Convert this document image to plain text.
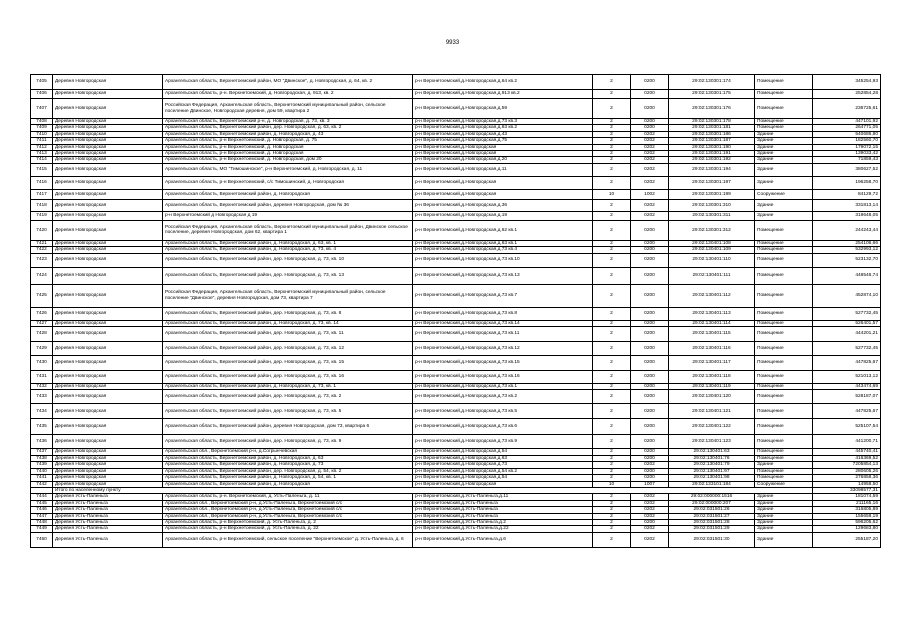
9933
7405	Деревня Новгородская	Архангельская область, Верхнетоемский район, МО "Двинское", д. Новгородская, д. 64, кв. 2	р-н Верхнетоемский,д.Новгородская,д.64 кв.2	2	0200	29:02:130301:174	Помещение	345254,93
7406	Деревня Новгородская	Архангельская область, р-н. Верхнетоемский, д. Новгородская, д. 913, кв. 2	р-н Верхнетоемский,д.Новгородская,д.913 кв.2	2	0200	29:02:130301:175	Помещение	252854,28
7407	Деревня Новгородская	Российская Федерация, Архангельская область, Верхнетоемский муниципальный район, сельское поселение Двинское, Новгородская деревня, дом 59, квартира 2	р-н Верхнетоемский,д.Новгородская,д.59	2	0200	29:02:130301:176	Помещение	236725,61
7408	Деревня Новгородская	Архангельская область, Верхнетоемский р-н, д. Новгородская, д. 73, кв. 3	р-н Верхнетоемский,д.Новгородская,д.73 кв.3	2	0200	29:02:130301:178	Помещение	447101,92
7409	Деревня Новгородская	Архангельская область, Верхнетоемский район, дер. Новгородская, д. 63, кв. 2	р-н Верхнетоемский,д.Новгородская,д.63 кв.2	2	0200	29:02:130301:181	Помещение	264771,05
7410	Деревня Новгородская	Архангельская область, Верхнетоемский район, д. Новгородская, д. 43	р-н Верхнетоемский,д.Новгородская,д.43	2	0202	29:02:130301:186	Здание	540686,80
7411	Деревня Новгородская	Архангельская область, р-н Верхнетоемский, д. Новгородская, д. 75	р-н Верхнетоемский,д.Новгородская,д.75	2	0202	29:02:130301:187	Здание	182560,70
7412	Деревня Новгородская	Архангельская область, р-н Верхнетоемский, д. Новгородская	р-н Верхнетоемский,д.Новгородская	2	0202	29:02:130301:190	Здание	179072,15
7413	Деревня Новгородская	Архангельская область, р-н Верхнетоемский, д. Новгородская	р-н Верхнетоемский,д.Новгородская	2	0202	29:02:130301:191	Здание	139033,42
7414	Деревня Новгородская	Архангельская область, р-н Верхнетоемский, д. Новгородская, дом 20	р-н Верхнетоемский,д.Новгородская,д.20	2	0202	29:02:130301:192	Здание	71859,43
7415	Деревня Новгородская	Архангельская область, МО "Тимошинское", р-н Верхнетоемский, д. Новгородская, д. 11	р-н Верхнетоемский,д.Новгородская,д.11	2	0202	29:02:130301:194	Здание	380627,52
7416	Деревня Новгородская	Архангельская область, р-н Верхнетоемский, с/с Тимошинский, д. Новгородская	р-н Верхнетоемский,д.Новгородская	2	0202	29:02:130301:197	Здание	196258,70
7417	Деревня Новгородская	Архангельская область, Верхнетоемский район, д. Новгородская	р-н Верхнетоемский,д.Новгородская	10	1002	29:02:130301:199	Сооружение	84129,72
7418	Деревня Новгородская	Архангельская область, Верхнетоемский район, деревня Новгородская, дом № 36	р-н Верхнетоемский,д.Новгородская,д.36	2	0202	29:02:130301:310	Здание	331813,14
7419	Деревня Новгородская	р-н Верхнетоемский д Новгородская д 19	р-н Верхнетоемский,д.Новгородская,д.19	2	0202	29:02:130301:311	Здание	319648,05
7420	Деревня Новгородская	Российская Федерация, Архангельская область, Верхнетоемский муниципальный район, Двинское сельское поселение, деревня Новгородская, дом 62, квартира 1	р-н Верхнетоемский,д.Новгородская,д.62 кв.1	2	0200	29:02:130301:312	Помещение	244243,44
7421	Деревня Новгородская	Архангельская область, Верхнетоемский район, д. Новгородская, д. 63, кв. 1	р-н Верхнетоемский,д.Новгородская,д.63 кв.1	2	0200	29:02:130401:108	Помещение	254106,66
7422	Деревня Новгородская	Архангельская область, Верхнетоемский район, д. Новгородская, д. 73, кв. 4	р-н Верхнетоемский,д.Новгородская,д.73 кв.4	2	0200	29:02:130401:109	Помещение	532993,12
7423	Деревня Новгородская	Архангельская область, Верхнетоемский район, дер. Новгородская, д. 73, кв. 10	р-н Верхнетоемский,д.Новгородская,д.73 кв.10	2	0200	29:02:130401:110	Помещение	523132,70
7424	Деревня Новгородская	Архангельская область, Верхнетоемский район, дер. Новгородская, д. 73, кв. 13	р-н Верхнетоемский,д.Новгородская,д.73 кв.13	2	0200	29:02:130401:111	Помещение	448546,74
7425	Деревня Новгородская	Российская Федерация, Архангельская область, Верхнетоемский муниципальный район, сельское поселение "Двинское", деревня Новгородская, дом 73, квартира 7	р-н Верхнетоемский,д.Новгородская,д.73 кв.7	2	0200	29:02:130401:112	Помещение	452874,10
7426	Деревня Новгородская	Архангельская область, Верхнетоемский район, дер. Новгородская, д. 73, кв. 8	р-н Верхнетоемский,д.Новгородская,д.73 кв.8	2	0200	29:02:130401:113	Помещение	527732,45
7427	Деревня Новгородская	Архангельская область, Верхнетоемский район, д. Новгородская, д. 73, кв. 14	р-н Верхнетоемский,д.Новгородская,д.73 кв.14	2	0200	29:02:130401:114	Помещение	526401,57
7428	Деревня Новгородская	Архангельская область, Верхнетоемский район, дер. Новгородская, д. 73, кв. 11	р-н Верхнетоемский,д.Новгородская,д.73 кв.11	2	0200	29:02:130401:115	Помещение	444201,21
7429	Деревня Новгородская	Архангельская область, Верхнетоемский район, дер. Новгородская, д. 73, кв. 12	р-н Верхнетоемский,д.Новгородская,д.73 кв.12	2	0200	29:02:130401:116	Помещение	527732,45
7430	Деревня Новгородская	Архангельская область, Верхнетоемский район, дер. Новгородская, д. 73, кв. 15	р-н Верхнетоемский,д.Новгородская,д.73 кв.15	2	0200	29:02:130401:117	Помещение	447825,67
7431	Деревня Новгородская	Архангельская область, Верхнетоемский район, дер. Новгородская, д. 73, кв. 16	р-н Верхнетоемский,д.Новгородская,д.73 кв.16	2	0200	29:02:130401:118	Помещение	521013,12
7432	Деревня Новгородская	Архангельская область, Верхнетоемский район, д. Новгородская, д. 73, кв. 1	р-н Верхнетоемский,д.Новгородская,д.73 кв.1	2	0200	29:02:130401:119	Помещение	443474,69
7433	Деревня Новгородская	Архангельская область, Верхнетоемский район, дер. Новгородская, д. 73, кв. 2	р-н Верхнетоемский,д.Новгородская,д.73 кв.2	2	0200	29:02:130401:120	Помещение	528187,07
7434	Деревня Новгородская	Архангельская область, Верхнетоемский район, дер. Новгородская, д. 73, кв. 5	р-н Верхнетоемский,д.Новгородская,д.73 кв.5	2	0200	29:02:130401:121	Помещение	447825,67
7435	Деревня Новгородская	Архангельская область, Верхнетоемский район, деревня Новгородская, дом 73, квартира 6	р-н Верхнетоемский,д.Новгородская,д.73 кв.6	2	0200	29:02:130401:122	Помещение	525107,54
7436	Деревня Новгородская	Архангельская область, Верхнетоемский район, дер. Новгородская, д. 73, кв. 9	р-н Верхнетоемский,д.Новгородская,д.73 кв.9	2	0200	29:02:130401:123	Помещение	441200,71
7437	Деревня Новгородская	Архангельская обл., Верхнетоемский р-н, д.Согрынчевская	р-н Верхнетоемский,д.Новгородская,д.54	2	0200	29:02:130401:63	Помещение	445740,41
7438	Деревня Новгородская	Архангельская область, Верхнетоемский район, д. Новгородская, д. 63	р-н Верхнетоемский,д.Новгородская,д.63	2	0200	29:02:130401:76	Помещение	416369,52
7439	Деревня Новгородская	Архангельская область, Верхнетоемский район, д. Новгородская, д. 73	р-н Верхнетоемский,д.Новгородская,д.73	2	0202	29:02:130401:79	Здание	7205854,13
7440	Деревня Новгородская	Архангельская область, Верхнетоемский район, дер. Новгородская, д. 54, кв. 2	р-н Верхнетоемский,д.Новгородская,д.54 кв.2	2	0200	29:02:130401:97	Помещение	280605,26
7441	Деревня Новгородская	Архангельская область, Верхнетоемский район, д. Новгородская, д. 54, кв. 1	р-н Верхнетоемский,д.Новгородская,д.54	2	0200	29:02:130401:98	Помещение	276858,36
7442	Деревня Новгородская	Архангельская область, Верхнетоемский район, д. Новгородская	р-н Верхнетоемский,д.Новгородская	10	1007	29:02:133101:184	Сооружение	14958,50
	Итого по населенному пункту							33098577,31
7444	Деревня Усть-Паленьга	Архангельская область, р-н. Верхнетоемский, д. Усть-Паленьга, д. 11	р-н Верхнетоемский,д.Усть-Паленьга,д.11	2	0202	29:02:000000:1516	Здание	181074,59
7445	Деревня Усть-Паленьга	Архангельская обл., Верхнетоемский р-н, д.Усть-Паленьга, Верхнетоемский с/с	р-н Верхнетоемский,д.Усть-Паленьга	2	0202	29:02:000000:207	Здание	211165,16
7446	Деревня Усть-Паленьга	Архангельская обл., Верхнетоемский р-н, д.Усть-Паленьга, Верхнетоемский с/с	р-н Верхнетоемский,д.Усть-Паленьга	2	0202	29:02:031501:26	Здание	316805,89
7447	Деревня Усть-Паленьга	Архангельская обл., Верхнетоемский р-н, д.Усть-Паленьга, Верхнетоемский с/с	р-н Верхнетоемский,д.Усть-Паленьга	2	0202	29:02:031501:27	Здание	155658,19
7448	Деревня Усть-Паленьга	Архангельская область, р-н Верхнетоемский, д. Усть-Паленьга, д. 2	р-н Верхнетоемский,д.Усть-Паленьга,д.2	2	0200	29:02:031501:28	Здание	596205,62
7449	Деревня Усть-Паленьга	Архангельская область, р-н Верхнетоемский, д. Усть-Паленьга, д. 22	р-н Верхнетоемский,д.Усть-Паленьга,д.22	2	0202	29:02:031501:29	Здание	129683,80
7450	Деревня Усть-Паленьга	Архангельская область, р-н Верхнетоемский, сельское поселение "Верхнетоемское" д. Усть-Паленьга, д. 6	р-н Верхнетоемский,д.Усть-Паленьга,д.6	2	0202	29:02:031501:30	Здание	255187,20
